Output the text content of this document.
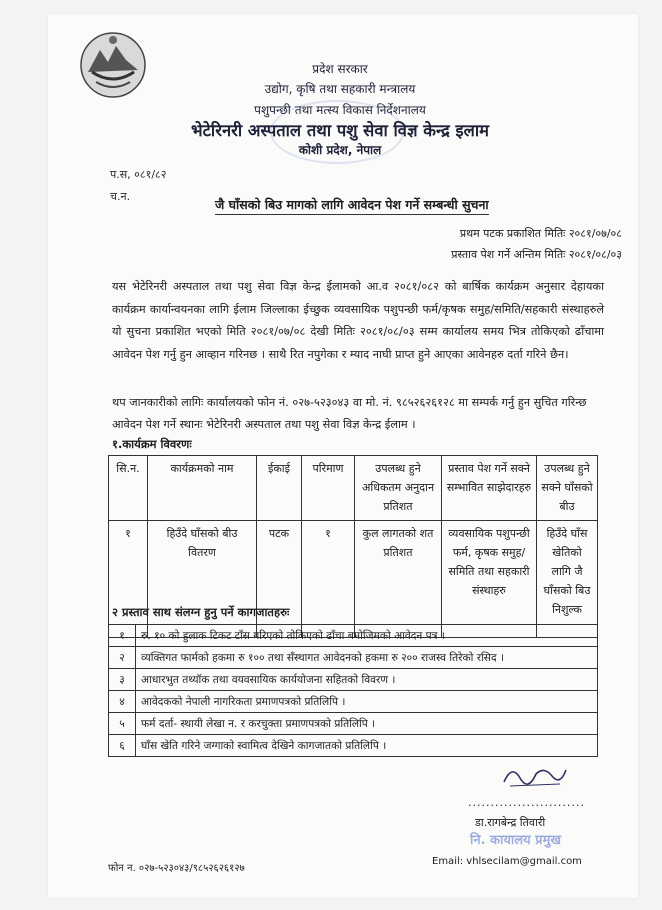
प्रदेश सरकार
उद्योग, कृषि तथा सहकारी मन्त्रालय
पशुपन्छी तथा मत्स्य विकास निर्देशनालय
भेटेरिनरी अस्पताल तथा पशु सेवा विज्ञ केन्द्र इलाम
कोशी प्रदेश, नेपाल
प.स, ०८१/८२
च.न.
जै घाँसको बिउ मागको लागि आवेदन पेश गर्ने सम्बन्धी सुचना
प्रथम पटक प्रकाशित मितिः २०८१/०७/०८
प्रस्ताव पेश गर्ने अन्तिम मितिः २०८१/०८/०३
यस भेटेरिनरी अस्पताल तथा पशु सेवा विज्ञ केन्द्र ईलामको आ.व २०८१/०८२ को बार्षिक कार्यक्रम अनुसार देहायका कार्यक्रम कार्यान्वयनका लागि ईलाम जिल्लाका ईच्छुक व्यवसायिक पशुपन्छी फर्म/कृषक समुह/समिति/सहकारी संस्थाहरुले यो सुचना प्रकाशित भएको मिति २०८१/०७/०८ देखी मितिः २०८१/०८/०३ सम्म कार्यालय समय भित्र तोकिएको ढाँचामा आवेदन पेश गर्नु हुन आव्हान गरिनछ । साथै रित नपुगेका र म्याद नाघी प्राप्त हुने आएका आवेनहरु दर्ता गरिने छैन।
थप जानकारीको लागिः कार्यालयको फोन नं. ०२७-५२३०४३ वा मो. नं. ९८५२६२६१२८ मा सम्पर्क गर्नु हुन सुचित गरिन्छ आवेदन पेश गर्ने स्थानः भेटेरिनरी अस्पताल तथा पशु सेवा विज्ञ केन्द्र ईलाम ।
१.कार्यक्रम विवरणः
सि.न.	कार्यक्रमको नाम	ईकाई	परिमाण	उपलब्ध हुने अधिकतम अनुदान प्रतिशत	प्रस्ताव पेश गर्ने सक्ने सम्भावित साझेदारहरु	उपलब्ध हुने सक्ने घाँसको बीउ
१	हिउँदे घाँसको बीउ वितरण	पटक	१	कुल लागतको शत प्रतिशत	व्यवसायिक पशुपन्छी फर्म, कृषक समुह/समिति तथा सहकारी संस्थाहरु	हिउँदे घाँस खेतिको लागि जै घाँसको बिउ निशुल्क
२ प्रस्ताव साथ संलग्न हुनु पर्ने कागजातहरुः
१	रु. १० को हुलाक टिकट टाँस गरिएको तोकिएको ढाँचा बमोजिमको आवेदन पत्र ।
२	व्यक्तिगत फार्मको हकमा रु १०० तथा सँस्थागत आवेदनको हकमा रु २०० राजस्व तिरेको रसिद ।
३	आधारभुत तथ्यॉक तथा वयवसायिक कार्ययोजना सहितको विवरण ।
४	आवेदकको नेपाली नागरिकता प्रमाणपत्रको प्रतिलिपि ।
५	फर्म दर्ता- स्थायी लेखा न. र करचुक्ता प्रमाणपत्रको प्रतिलिपि ।
६	घाँस खेति गरिने जग्गाको स्वामित्व देखिने कागजातको प्रतिलिपि ।
..........................
डा.रागबेन्द्र तिवारी
नि. कायालय प्रमुख
Email: vhlsecilam@gmail.com
फोन न. ०२७-५२३०४३/९८५२६२६१२७
